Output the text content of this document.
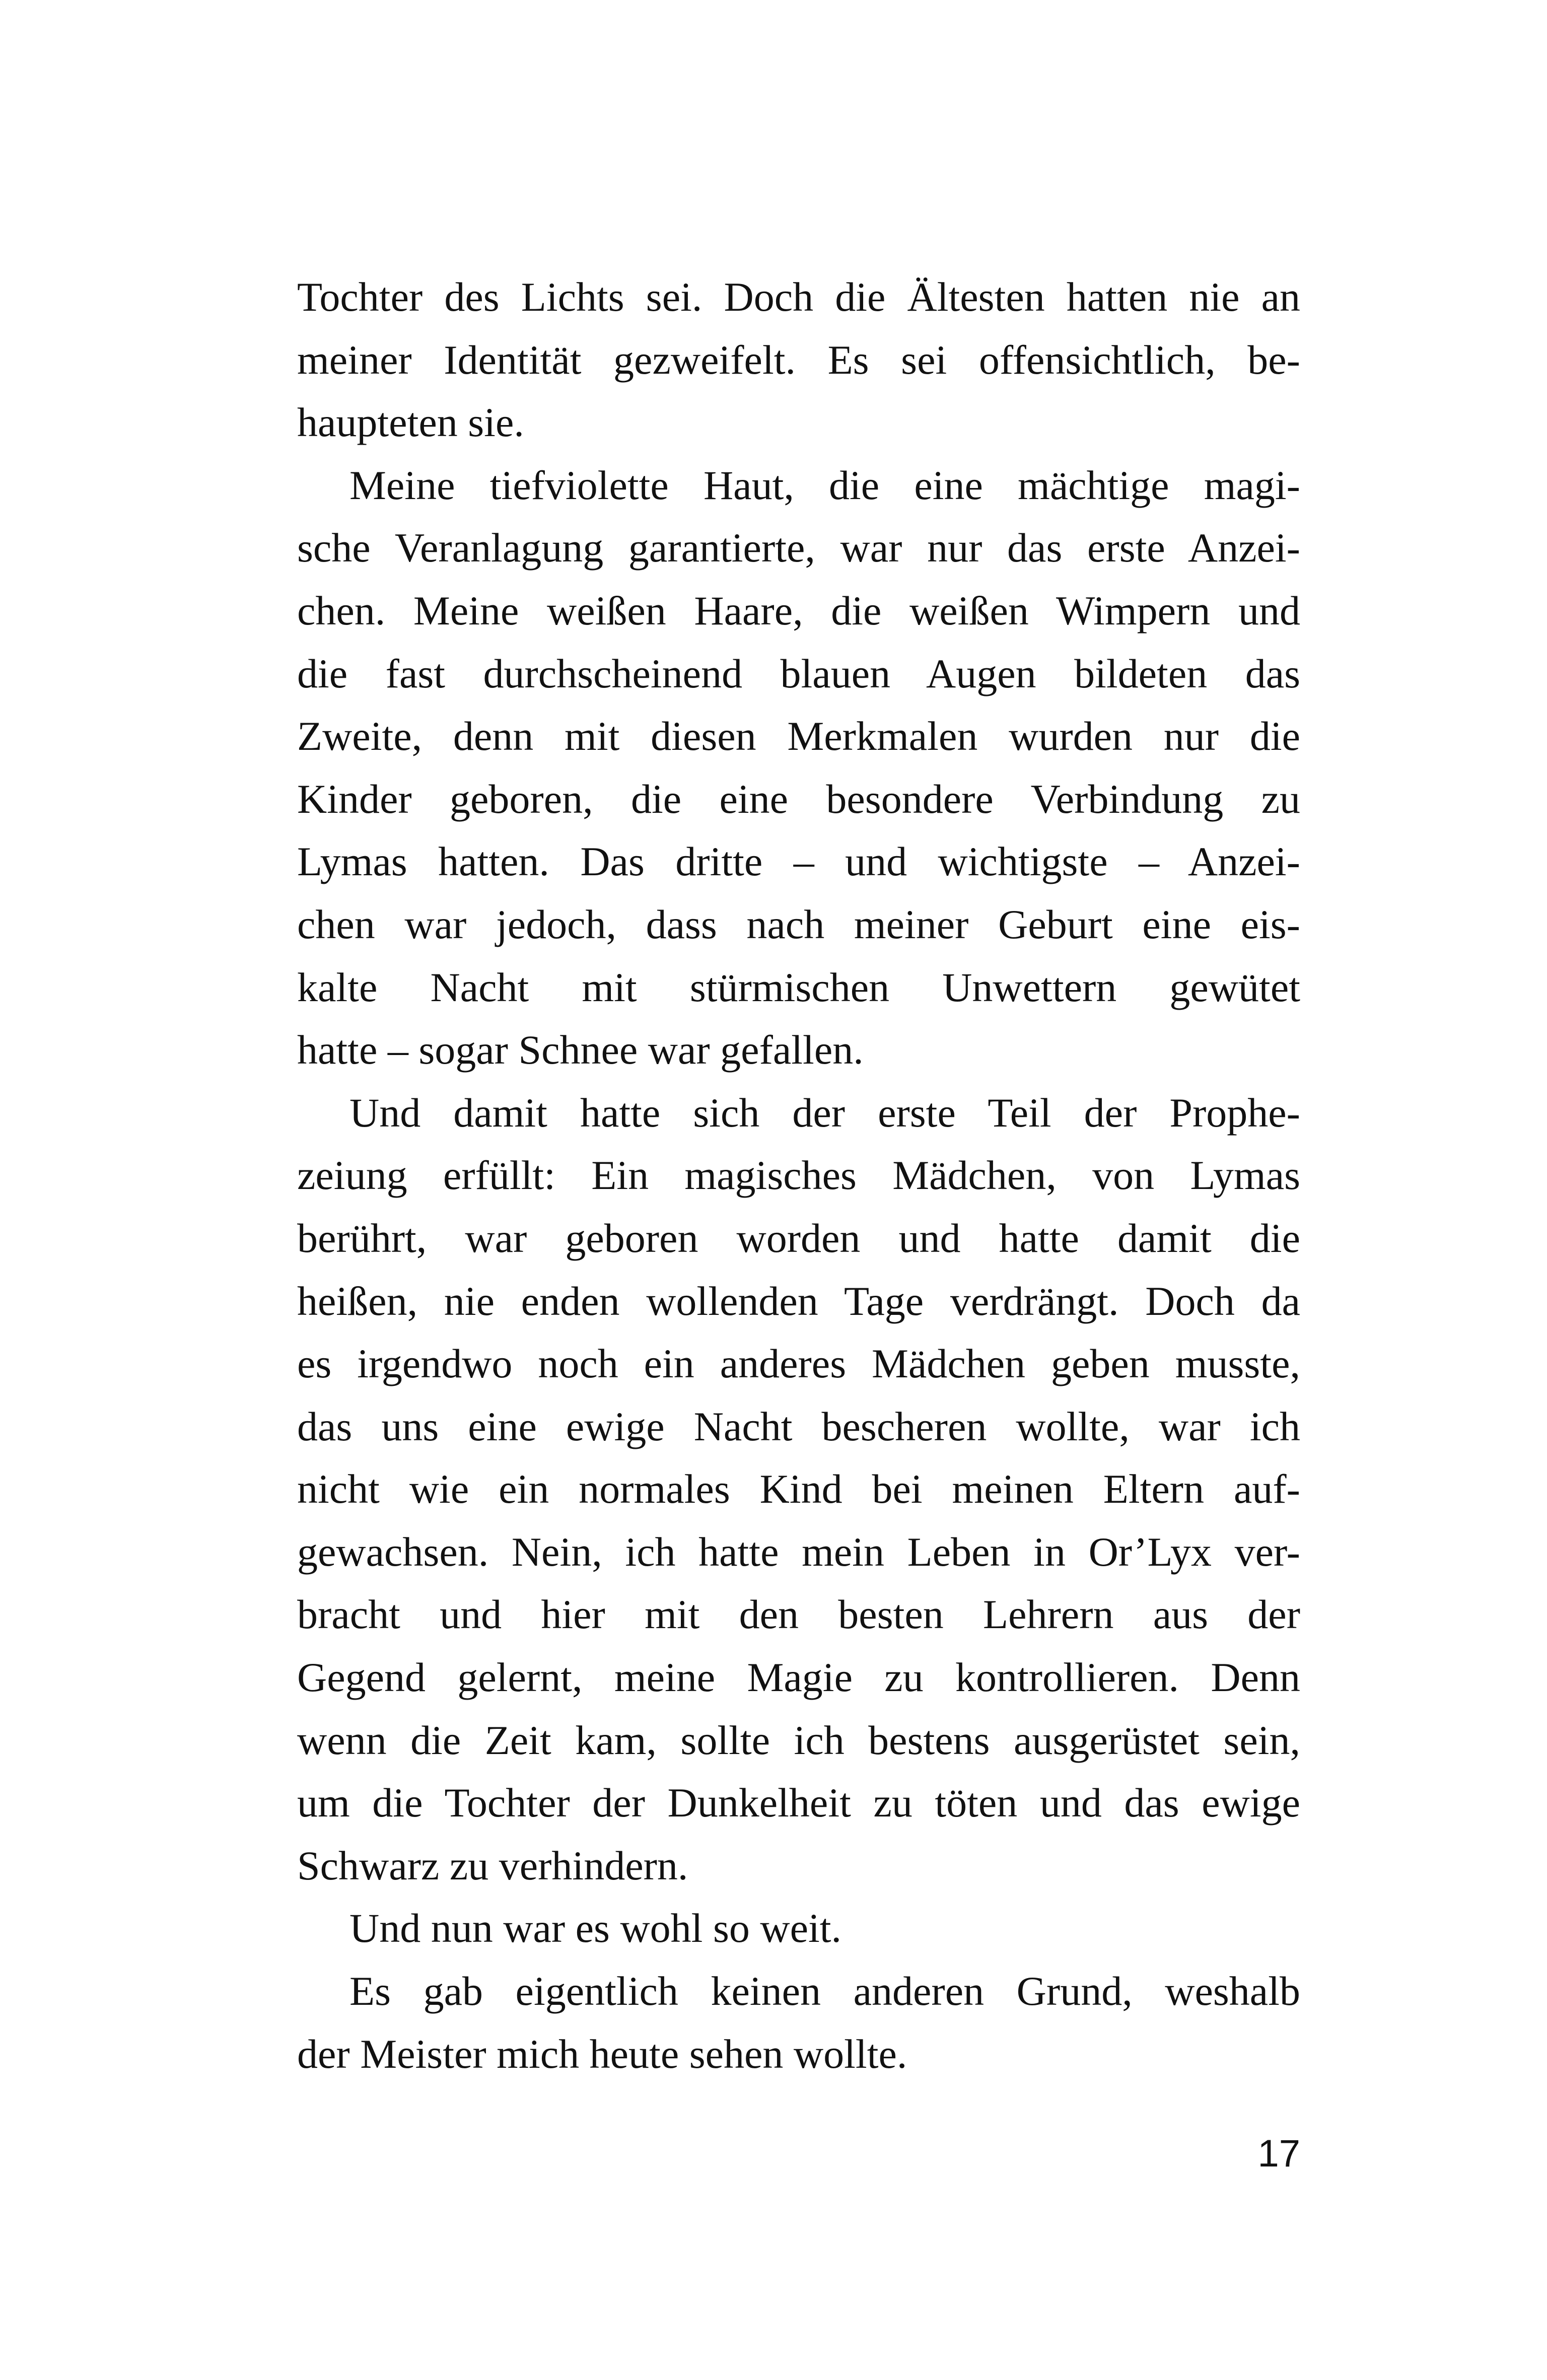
Tochter des Lichts sei. Doch die Ältesten hatten nie an
meiner Identität gezweifelt. Es sei offensichtlich, be-
haupteten sie.
Meine tiefviolette Haut, die eine mächtige magi-
sche Veranlagung garantierte, war nur das erste Anzei-
chen. Meine weißen Haare, die weißen Wimpern und
die fast durchscheinend blauen Augen bildeten das
Zweite, denn mit diesen Merkmalen wurden nur die
Kinder geboren, die eine besondere Verbindung zu
Lymas hatten. Das dritte – und wichtigste – Anzei-
chen war jedoch, dass nach meiner Geburt eine eis-
kalte Nacht mit stürmischen Unwettern gewütet
hatte – sogar Schnee war gefallen.
Und damit hatte sich der erste Teil der Prophe-
zeiung erfüllt: Ein magisches Mädchen, von Lymas
berührt, war geboren worden und hatte damit die
heißen, nie enden wollenden Tage verdrängt. Doch da
es irgendwo noch ein anderes Mädchen geben musste,
das uns eine ewige Nacht bescheren wollte, war ich
nicht wie ein normales Kind bei meinen Eltern auf-
gewachsen. Nein, ich hatte mein Leben in Or’Lyx ver-
bracht und hier mit den besten Lehrern aus der
Gegend gelernt, meine Magie zu kontrollieren. Denn
wenn die Zeit kam, sollte ich bestens ausgerüstet sein,
um die Tochter der Dunkelheit zu töten und das ewige
Schwarz zu verhindern.
Und nun war es wohl so weit.
Es gab eigentlich keinen anderen Grund, weshalb
der Meister mich heute sehen wollte.
17
